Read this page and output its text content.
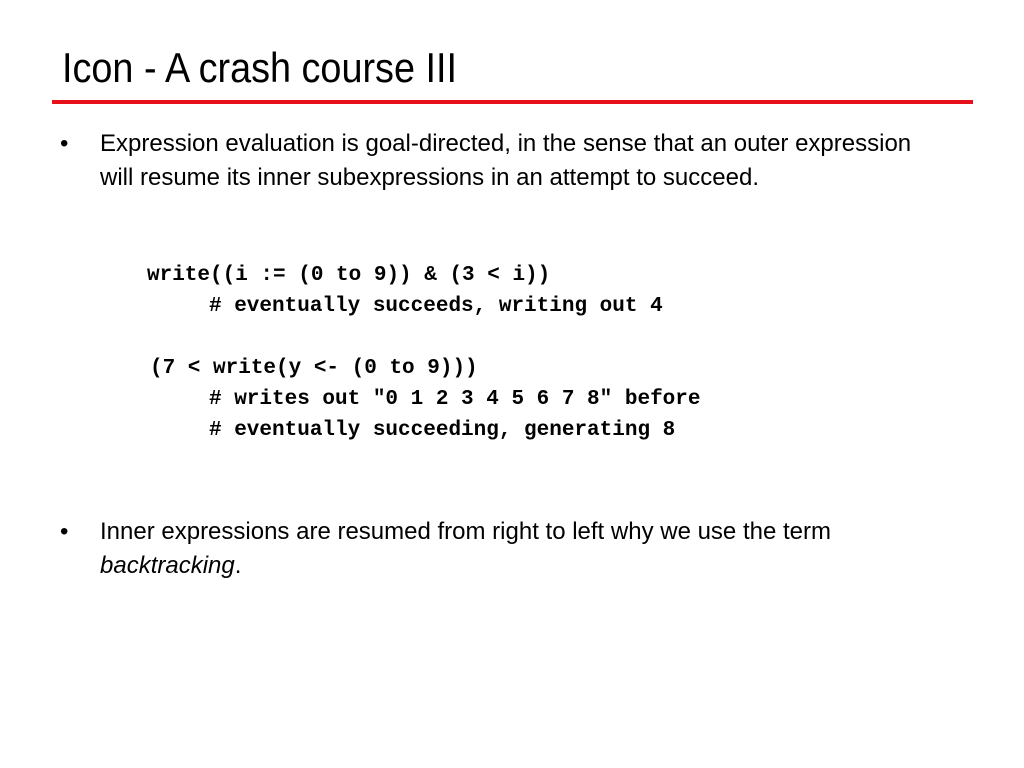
Icon - A crash course III
•	Expression evaluation is goal-directed, in the sense that an outer expression will resume its inner subexpressions in an attempt to succeed.
write((i := (0 to 9)) & (3 < i))
# eventually succeeds, writing out 4
(7 < write(y <- (0 to 9)))
# writes out "0 1 2 3 4 5 6 7 8" before
# eventually succeeding, generating 8
•	Inner expressions are resumed from right to left why we use the term backtracking.
